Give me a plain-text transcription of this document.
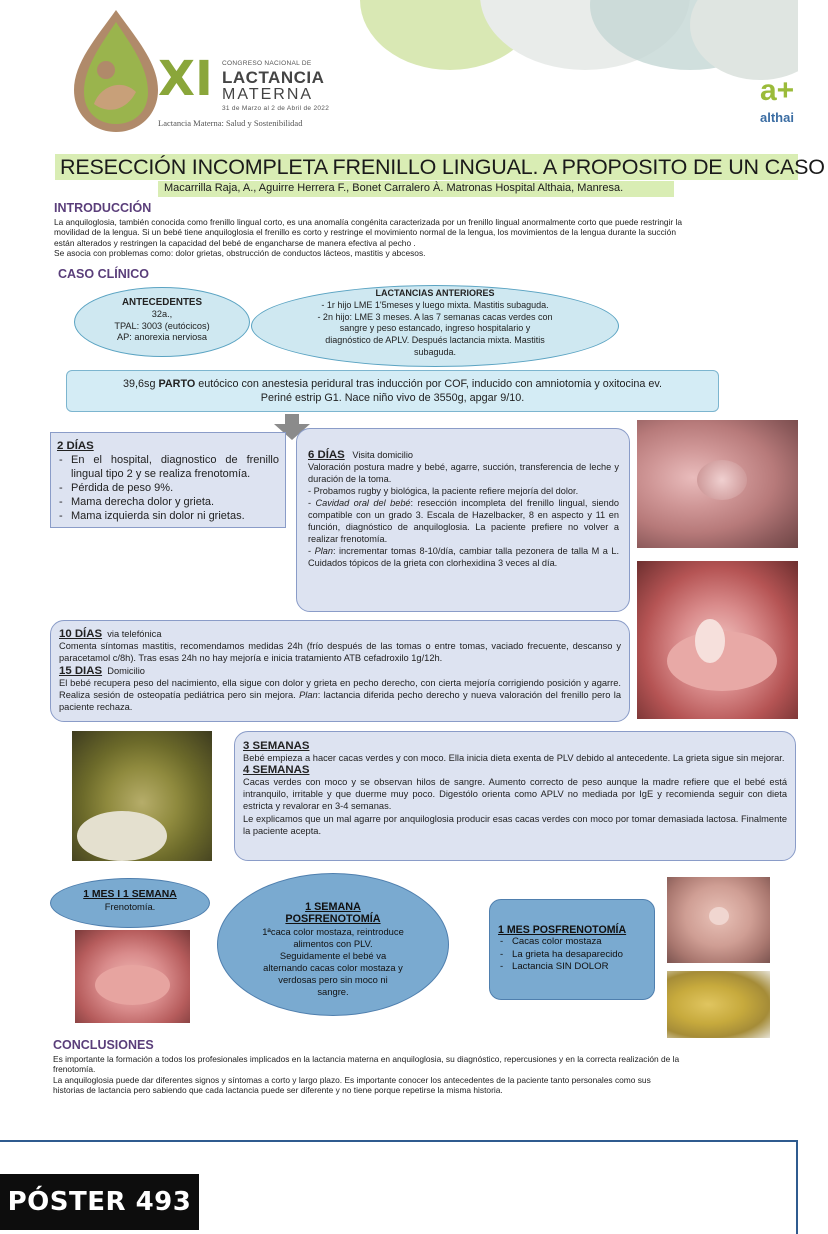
XI CONGRESO NACIONAL DE
LACTANCIA
MATERNA
31 de Marzo al 2 de Abril de 2022
Lactancia Materna: Salud y Sostenibilidad
a+
althai
RESECCIÓN INCOMPLETA FRENILLO LINGUAL. A PROPOSITO DE UN CASO
Macarrilla Raja, A., Aguirre Herrera F., Bonet Carralero À. Matronas Hospital Althaia, Manresa.
INTRODUCCIÓN
La anquiloglosia, también conocida como frenillo lingual corto, es una anomalía congénita caracterizada por un frenillo lingual anormalmente corto que puede restringir la
movilidad de la lengua. Si un bebé tiene anquiloglosia el frenillo es corto y restringe el movimiento normal de la lengua, los movimientos de la lengua durante la succión
están alterados y restringen la capacidad del bebé de engancharse de manera efectiva al pecho .
Se asocia con problemas como: dolor grietas, obstrucción de conductos lácteos, mastitis y abcesos.
CASO CLÍNICO
ANTECEDENTES
32a.,
TPAL: 3003 (eutócicos)
AP: anorexia nerviosa
LACTANCIAS ANTERIORES
- 1r hijo LME 1'5meses y luego mixta. Mastitis subaguda.
- 2n hijo: LME 3 meses. A las 7 semanas cacas verdes con
sangre y peso estancado, ingreso hospitalario y
diagnóstico de APLV. Después lactancia mixta. Mastitis
subaguda.
39,6sg PARTO eutócico con anestesia peridural tras inducción por COF, inducido con amniotomia y oxitocina ev.
Periné estrip G1. Nace niño vivo de 3550g, apgar 9/10.
2 DÍAS
- En el hospital, diagnostico de frenillo lingual tipo 2 y se realiza frenotomía.
- Pérdida de peso 9%.
- Mama derecha dolor y grieta.
- Mama izquierda sin dolor ni grietas.
6 DÍAS Visita domicilio
Valoración postura madre y bebé, agarre, succión, transferencia de leche y duración de la toma.
- Probamos rugby y biológica, la paciente refiere mejoría del dolor.
- Cavidad oral del bebé: resección incompleta del frenillo lingual, siendo compatible con un grado 3. Escala de Hazelbacker, 8 en aspecto y 11 en función, diagnóstico de anquiloglosia. La paciente prefiere no volver a realizar frenotomía.
- Plan: incrementar tomas 8-10/día, cambiar talla pezonera de talla M a L. Cuidados tópicos de la grieta con clorhexidina 3 veces al día.
10 DÍAS via telefónica
Comenta síntomas mastitis, recomendamos medidas 24h (frío después de las tomas o entre tomas, vaciado frecuente, descanso y paracetamol c/8h). Tras esas 24h no hay mejoría e inicia tratamiento ATB cefadroxilo 1g/12h.
15 DIAS Domicilio
El bebé recupera peso del nacimiento, ella sigue con dolor y grieta en pecho derecho, con cierta mejoría corrigiendo posición y agarre. Realiza sesión de osteopatía pediátrica pero sin mejora. Plan: lactancia diferida pecho derecho y nueva valoración del frenillo pero la paciente rechaza.
3 SEMANAS
Bebé empieza a hacer cacas verdes y con moco. Ella inicia dieta exenta de PLV debido al antecedente. La grieta sigue sin mejorar.
4 SEMANAS
Cacas verdes con moco y se observan hilos de sangre. Aumento correcto de peso aunque la madre refiere que el bebé está intranquilo, irritable y que duerme muy poco. Digestólo orienta como APLV no mediada por IgE y recomienda seguir con dieta estricta y revalorar en 3-4 semanas.
Le explicamos que un mal agarre por anquiloglosia producir esas cacas verdes con moco por tomar demasiada lactosa. Finalmente la paciente acepta.
1 MES I 1 SEMANA
Frenotomía.	1 SEMANA
POSFRENOTOMÍA
1ªcaca color mostaza, reintroduce
alimentos con PLV.
Seguidamente el bebé va
alternando cacas color mostaza y
verdosas pero sin moco ni
sangre.
1 MES POSFRENOTOMÍA
- Cacas color mostaza
- La grieta ha desaparecido
- Lactancia SIN DOLOR
CONCLUSIONES
Es importante la formación a todos los profesionales implicados en la lactancia materna en anquiloglosia, su diagnóstico, repercusiones y en la correcta realización de la
frenotomía.
La anquiloglosia puede dar diferentes signos y síntomas a corto y largo plazo. Es importante conocer los antecedentes de la paciente tanto personales como sus
historias de lactancia pero sabiendo que cada lactancia puede ser diferente y no tiene porque repetirse la misma historia.
PÓSTER 493
